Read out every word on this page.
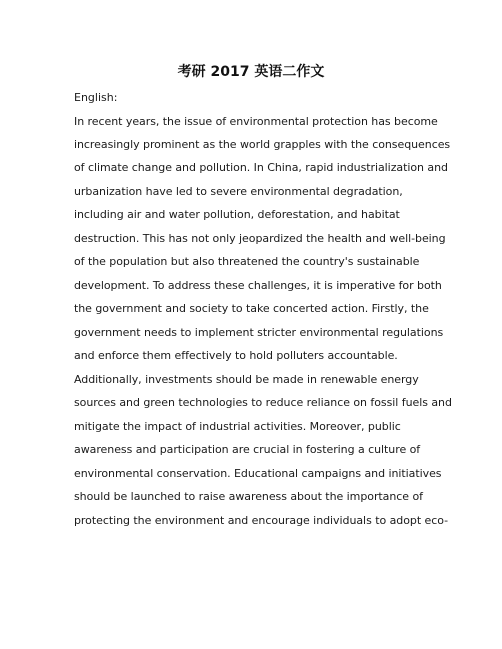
考研 2017 英语二作文

English:

In recent years, the issue of environmental protection has become
increasingly prominent as the world grapples with the consequences
of climate change and pollution. In China, rapid industrialization and
urbanization have led to severe environmental degradation,
including air and water pollution, deforestation, and habitat
destruction. This has not only jeopardized the health and well-being
of the population but also threatened the country's sustainable
development. To address these challenges, it is imperative for both
the government and society to take concerted action. Firstly, the
government needs to implement stricter environmental regulations
and enforce them effectively to hold polluters accountable.
Additionally, investments should be made in renewable energy
sources and green technologies to reduce reliance on fossil fuels and
mitigate the impact of industrial activities. Moreover, public
awareness and participation are crucial in fostering a culture of
environmental conservation. Educational campaigns and initiatives
should be launched to raise awareness about the importance of
protecting the environment and encourage individuals to adopt eco-
